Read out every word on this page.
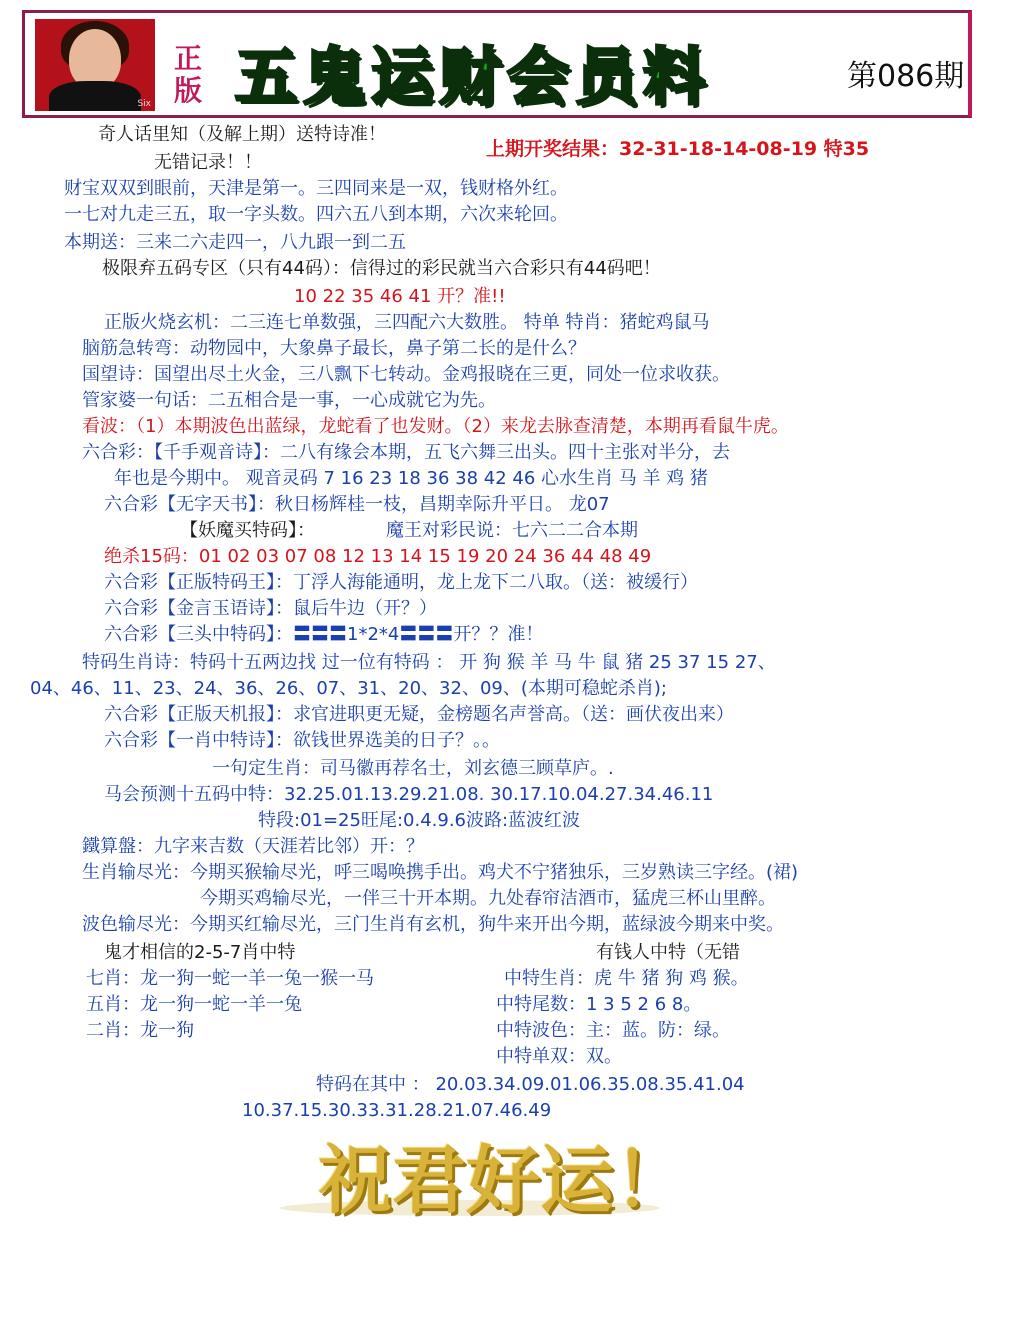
Six
正版 五鬼运财会员料	第086期
奇人话里知（及解上期）送特诗准！
上期开奖结果：32-31-18-14-08-19 特35
无错记录！！
财宝双双到眼前，天津是第一。三四同来是一双，钱财格外红。
一七对九走三五，取一字头数。四六五八到本期，六次来轮回。
本期送：三来二六走四一，八九跟一到二五
极限弃五码专区（只有44码）：信得过的彩民就当六合彩只有44码吧！
10 22 35 46 41 开？准!!
正版火烧玄机：二三连七单数强，三四配六大数胜。 特单 特肖：猪蛇鸡鼠马
脑筋急转弯：动物园中，大象鼻子最长，鼻子第二长的是什么？
国望诗：国望出尽土火金，三八飘下七转动。金鸡报晓在三更，同处一位求收获。
管家婆一句话：二五相合是一事，一心成就它为先。
看波：（1）本期波色出蓝绿，龙蛇看了也发财。（2）来龙去脉查清楚，本期再看鼠牛虎。
六合彩：【千手观音诗】：二八有缘会本期，五飞六舞三出头。四十主张对半分，去
年也是今期中。 观音灵码 7 16 23 18 36 38 42 46 心水生肖 马 羊 鸡 猪
六合彩【无字天书】：秋日杨辉桂一枝，昌期幸际升平日。 龙07
【妖魔买特码】：	魔王对彩民说：七六二二合本期
绝杀15码：01 02 03 07 08 12 13 14 15 19 20 24 36 44 48 49
六合彩【正版特码王】：丁浮人海能通明，龙上龙下二八取。（送：被缓行）
六合彩【金言玉语诗】：鼠后牛边（开？）
六合彩【三头中特码】：〓〓〓1*2*4〓〓〓开？？准！
特码生肖诗：特码十五两边找 过一位有特码 ： 开 狗 猴 羊 马 牛 鼠 猪 25 37 15 27、
04、46、11、23、24、36、26、07、31、20、32、09、(本期可稳蛇杀肖);
六合彩【正版天机报】：求官进职更无疑，金榜题名声誉高。（送：画伏夜出来）
六合彩【一肖中特诗】：欲钱世界选美的日子？。。
一句定生肖：司马徽再荐名士，刘玄德三顾草庐。.
马会预测十五码中特：32.25.01.13.29.21.08. 30.17.10.04.27.34.46.11
特段:01=25旺尾:0.4.9.6波路:蓝波红波
鐵算盤：九字来吉数（天涯若比邻）开：？
生肖输尽光：今期买猴输尽光，呼三喝唤携手出。鸡犬不宁猪独乐，三岁熟读三字经。(裙)
今期买鸡输尽光，一伴三十开本期。九处春帘洁酒市，猛虎三杯山里醉。
波色输尽光：今期买红输尽光，三门生肖有玄机，狗牛来开出今期，蓝绿波今期来中奖。
鬼才相信的2-5-7肖中特	有钱人中特（无错
七肖：龙一狗一蛇一羊一兔一猴一马	中特生肖：虎 牛 猪 狗 鸡 猴。
五肖：龙一狗一蛇一羊一兔	中特尾数：1 3 5 2 6 8。
二肖：龙一狗	中特波色：主：蓝。防：绿。
中特单双：双。
特码在其中 ： 20.03.34.09.01.06.35.08.35.41.04
10.37.15.30.33.31.28.21.07.46.49
祝君好运！
